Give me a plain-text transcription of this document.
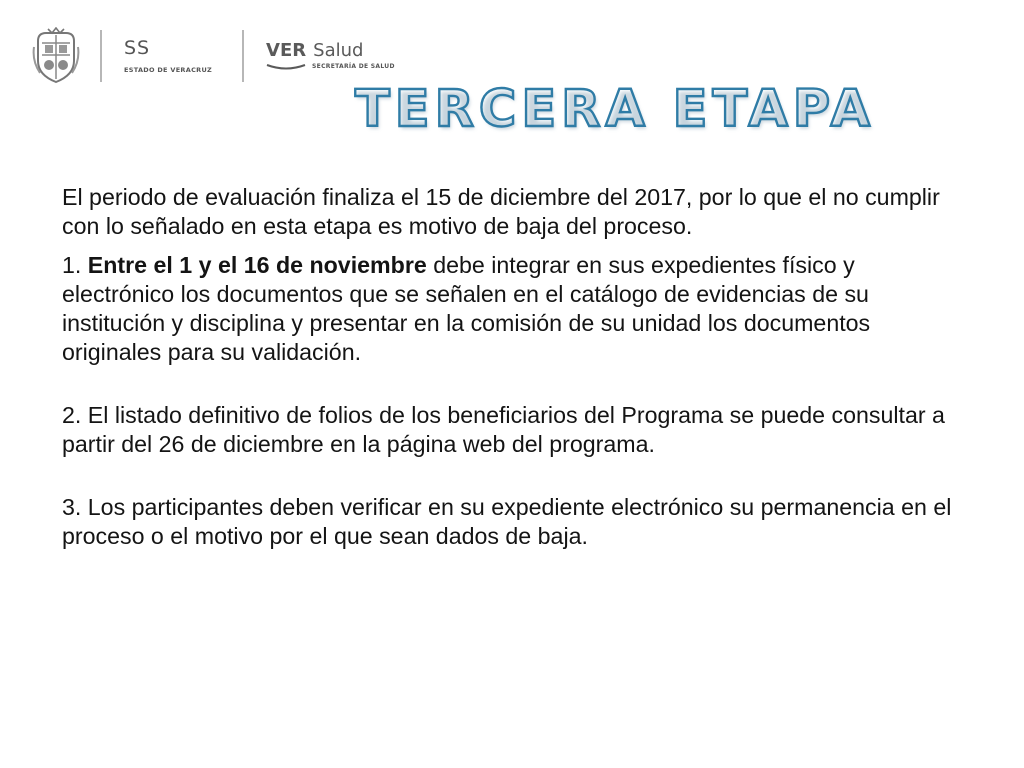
SS
ESTADO DE VERACRUZ
VER Salud
SECRETARÍA DE SALUD
TERCERA ETAPA

El periodo de evaluación finaliza el 15 de diciembre del 2017, por lo que el no cumplir con lo señalado en esta etapa es motivo de baja del proceso.

1. Entre el 1 y el 16 de noviembre debe integrar en sus expedientes físico y electrónico los documentos que se señalen en el catálogo de evidencias de su institución y disciplina y presentar en la comisión de su unidad los documentos originales para su validación.

2. El listado definitivo de folios de los beneficiarios del Programa se puede consultar a partir del 26 de diciembre en la página web del programa.

3. Los participantes deben verificar en su expediente electrónico su permanencia en el proceso o el motivo por el que sean dados de baja.
